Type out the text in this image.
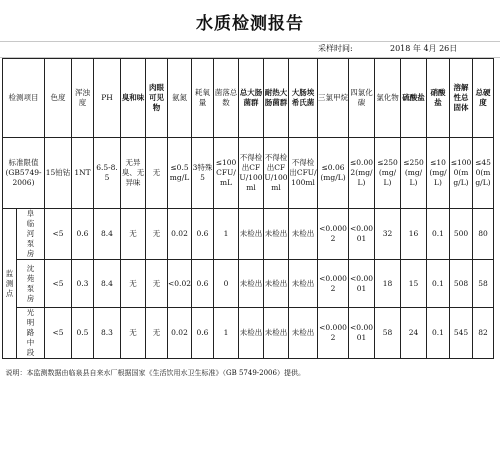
水质检测报告
采样时间:	2018 年 4月 26日
检测项目		色度	浑浊度	PH	臭和味	肉眼可见物	氨氮	耗氧量	菌落总数	总大肠菌群	耐热大肠菌群	大肠埃希氏菌	三氯甲烷	四氯化碳	氯化物	硫酸盐	硝酸盐	溶解性总固体	总硬度

标准限值(GB5749-2006)		15铂钴	1NT	6.5-8.5	无异臭、无异味	无	≤0.5mg/L	3特殊5	≤100CFU/mL	不得检出CFU/100ml	不得检出CFU/100ml	不得检出CFU/100ml	≤0.06(mg/L)	≤0.002(mg/L)	≤250(mg/L)	≤250(mg/L)	≤10(mg/L)	≤1000(mg/L)	≤450(mg/L)

监测点	阜临河泵房	<5	0.6	8.4	无	无	0.02	0.6	1	未检出	未检出	未检出	<0.0002	<0.0001	32	16	0.1	500	80

	沈苑泵房	<5	0.3	8.4	无	无	<0.02	0.6	0	未检出	未检出	未检出	<0.0002	<0.0001	18	15	0.1	508	58

	光明路中段	<5	0.5	8.3	无	无	0.02	0.6	1	未检出	未检出	未检出	<0.0002	<0.0001	58	24	0.1	545	82
说明：本监测数据由临泉县自来水厂根据国家《生活饮用水卫生标准》（GB 5749-2006）提供。																			
